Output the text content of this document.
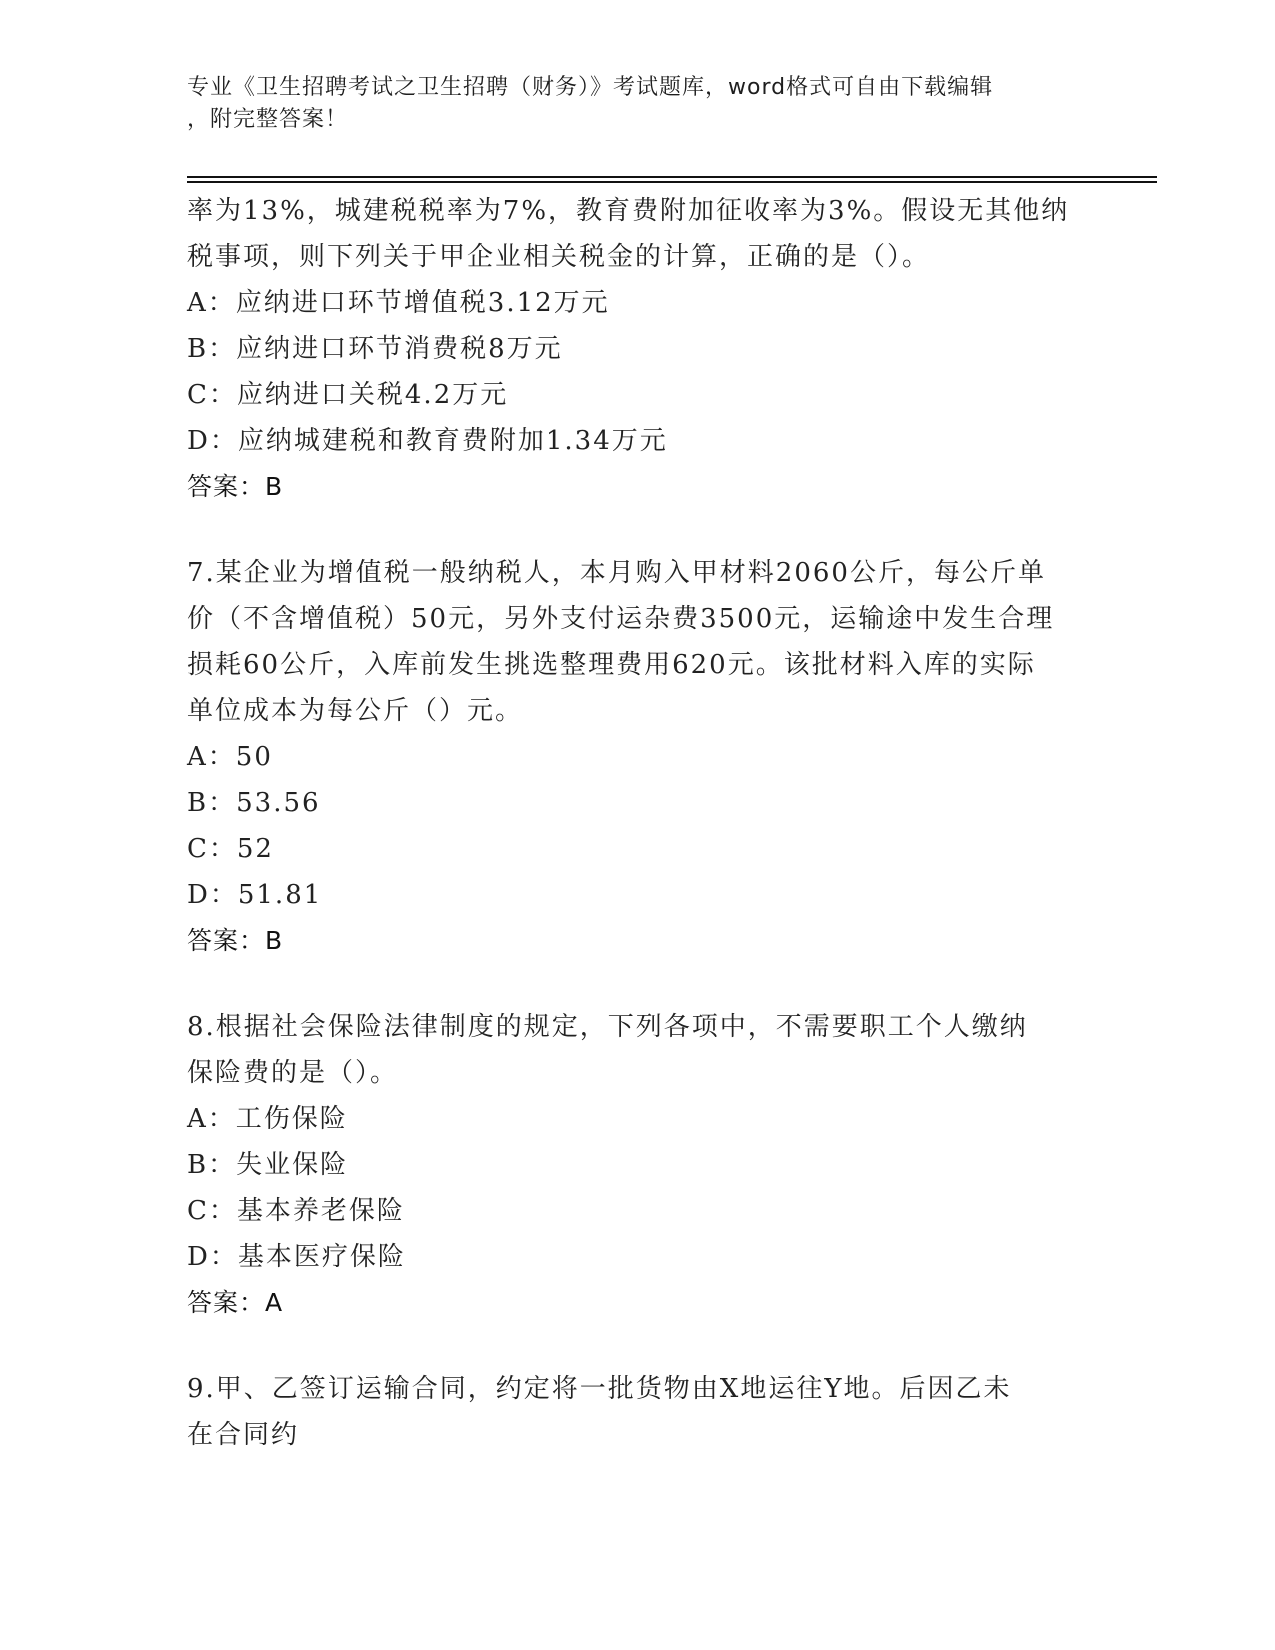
专业《卫生招聘考试之卫生招聘（财务）》考试题库，word格式可自由下载编辑
，附完整答案！

率为13%，城建税税率为7%，教育费附加征收率为3%。假设无其他纳

税事项，则下列关于甲企业相关税金的计算，正确的是（）。

A：应纳进口环节增值税3.12万元

B：应纳进口环节消费税8万元

C：应纳进口关税4.2万元

D：应纳城建税和教育费附加1.34万元

答案：B

7.某企业为增值税一般纳税人，本月购入甲材料2060公斤，每公斤单

价（不含增值税）50元，另外支付运杂费3500元，运输途中发生合理

损耗60公斤，入库前发生挑选整理费用620元。该批材料入库的实际

单位成本为每公斤（）元。

A：50

B：53.56

C：52

D：51.81

答案：B

8.根据社会保险法律制度的规定，下列各项中，不需要职工个人缴纳

保险费的是（）。

A：工伤保险

B：失业保险

C：基本养老保险

D：基本医疗保险

答案：A

9.甲、乙签订运输合同，约定将一批货物由X地运往Y地。后因乙未

在合同约
